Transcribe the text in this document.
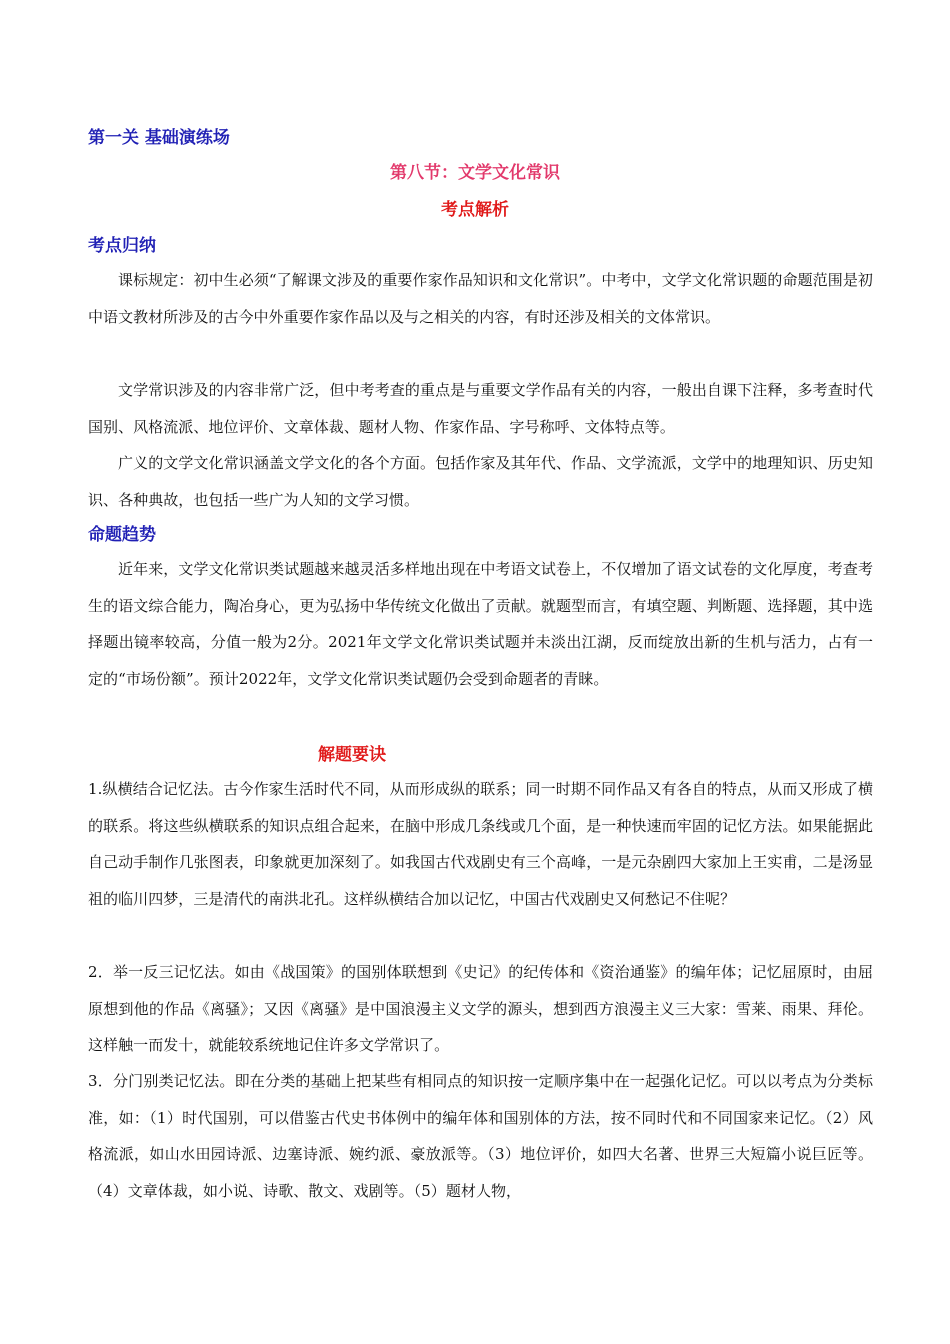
第一关 基础演练场
第八节：文学文化常识
考点解析
考点归纳

课标规定：初中生必须“了解课文涉及的重要作家作品知识和文化常识”。中考中，文学文化常识题的命题范围是初中语文教材所涉及的古今中外重要作家作品以及与之相关的内容，有时还涉及相关的文体常识。

文学常识涉及的内容非常广泛，但中考考查的重点是与重要文学作品有关的内容，一般出自课下注释，多考查时代国别、风格流派、地位评价、文章体裁、题材人物、作家作品、字号称呼、文体特点等。

广义的文学文化常识涵盖文学文化的各个方面。包括作家及其年代、作品、文学流派，文学中的地理知识、历史知识、各种典故，也包括一些广为人知的文学习惯。

命题趋势

近年来，文学文化常识类试题越来越灵活多样地出现在中考语文试卷上，不仅增加了语文试卷的文化厚度，考查考生的语文综合能力，陶冶身心，更为弘扬中华传统文化做出了贡献。就题型而言，有填空题、判断题、选择题，其中选择题出镜率较高，分值一般为2分。2021年文学文化常识类试题并未淡出江湖，反而绽放出新的生机与活力，占有一定的“市场份额”。预计2022年，文学文化常识类试题仍会受到命题者的青睐。

解题要诀

1.纵横结合记忆法。古今作家生活时代不同，从而形成纵的联系；同一时期不同作品又有各自的特点，从而又形成了横的联系。将这些纵横联系的知识点组合起来，在脑中形成几条线或几个面，是一种快速而牢固的记忆方法。如果能据此自己动手制作几张图表，印象就更加深刻了。如我国古代戏剧史有三个高峰，一是元杂剧四大家加上王实甫，二是汤显祖的临川四梦，三是清代的南洪北孔。这样纵横结合加以记忆，中国古代戏剧史又何愁记不住呢？

2．举一反三记忆法。如由《战国策》的国别体联想到《史记》的纪传体和《资治通鉴》的编年体；记忆屈原时，由屈原想到他的作品《离骚》；又因《离骚》是中国浪漫主义文学的源头，想到西方浪漫主义三大家：雪莱、雨果、拜伦。这样触一而发十，就能较系统地记住许多文学常识了。

3．分门别类记忆法。即在分类的基础上把某些有相同点的知识按一定顺序集中在一起强化记忆。可以以考点为分类标准，如：（1）时代国别，可以借鉴古代史书体例中的编年体和国别体的方法，按不同时代和不同国家来记忆。（2）风格流派，如山水田园诗派、边塞诗派、婉约派、豪放派等。（3）地位评价，如四大名著、世界三大短篇小说巨匠等。（4）文章体裁，如小说、诗歌、散文、戏剧等。（5）题材人物，
